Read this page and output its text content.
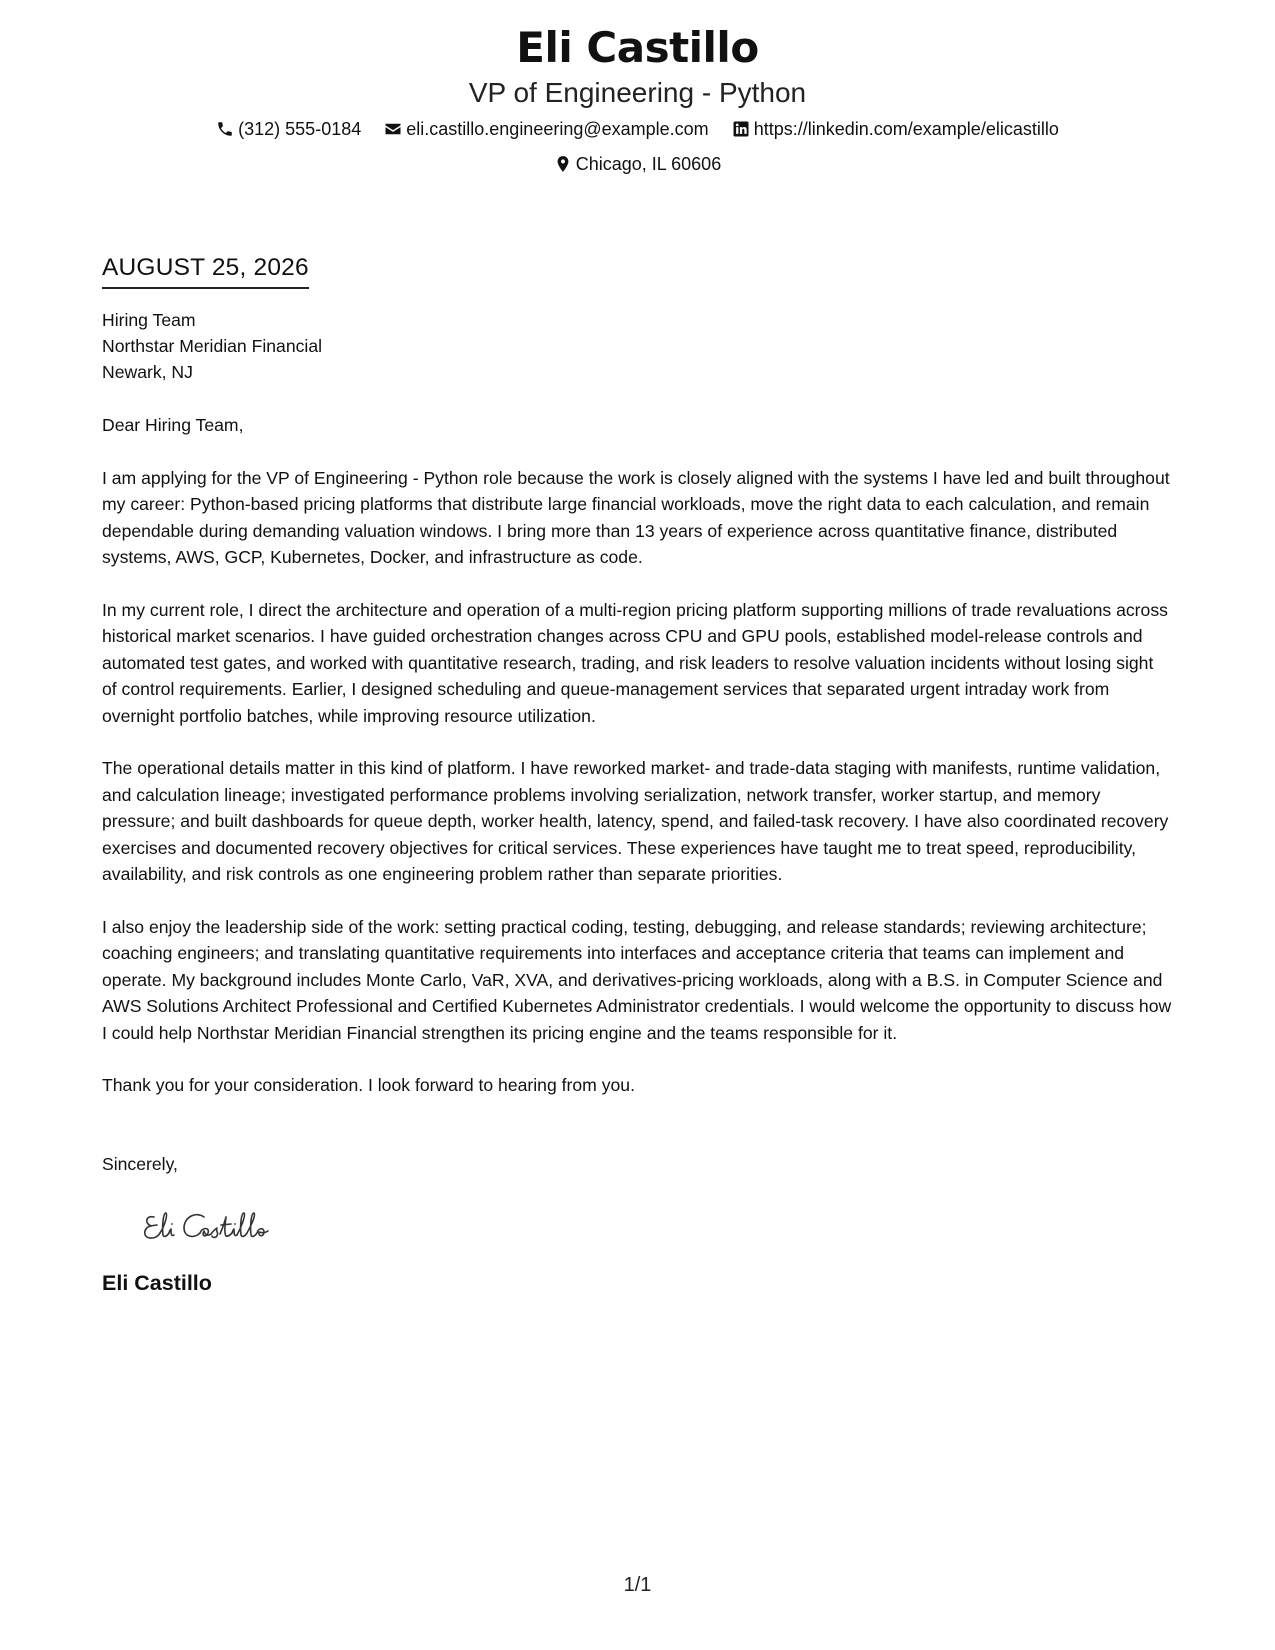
Eli Castillo
VP of Engineering - Python
(312) 555-0184
	eli.castillo.engineering@example.com
	https://linkedin.com/example/elicastillo
Chicago, IL 60606
AUGUST 25, 2026
Hiring Team
Northstar Meridian Financial
Newark, NJ
Dear Hiring Team,
I am applying for the VP of Engineering - Python role because the work is closely aligned with the systems I have led and built throughout my career: Python-based pricing platforms that distribute large financial workloads, move the right data to each calculation, and remain dependable during demanding valuation windows. I bring more than 13 years of experience across quantitative finance, distributed systems, AWS, GCP, Kubernetes, Docker, and infrastructure as code.
In my current role, I direct the architecture and operation of a multi-region pricing platform supporting millions of trade revaluations across historical market scenarios. I have guided orchestration changes across CPU and GPU pools, established model-release controls and automated test gates, and worked with quantitative research, trading, and risk leaders to resolve valuation incidents without losing sight of control requirements. Earlier, I designed scheduling and queue-management services that separated urgent intraday work from overnight portfolio batches, while improving resource utilization.
The operational details matter in this kind of platform. I have reworked market- and trade-data staging with manifests, runtime validation, and calculation lineage; investigated performance problems involving serialization, network transfer, worker startup, and memory pressure; and built dashboards for queue depth, worker health, latency, spend, and failed-task recovery. I have also coordinated recovery exercises and documented recovery objectives for critical services. These experiences have taught me to treat speed, reproducibility, availability, and risk controls as one engineering problem rather than separate priorities.
I also enjoy the leadership side of the work: setting practical coding, testing, debugging, and release standards; reviewing architecture; coaching engineers; and translating quantitative requirements into interfaces and acceptance criteria that teams can implement and operate. My background includes Monte Carlo, VaR, XVA, and derivatives-pricing workloads, along with a B.S. in Computer Science and AWS Solutions Architect Professional and Certified Kubernetes Administrator credentials. I would welcome the opportunity to discuss how I could help Northstar Meridian Financial strengthen its pricing engine and the teams responsible for it.
Thank you for your consideration. I look forward to hearing from you.
Sincerely,
Eli Castillo
1/1
